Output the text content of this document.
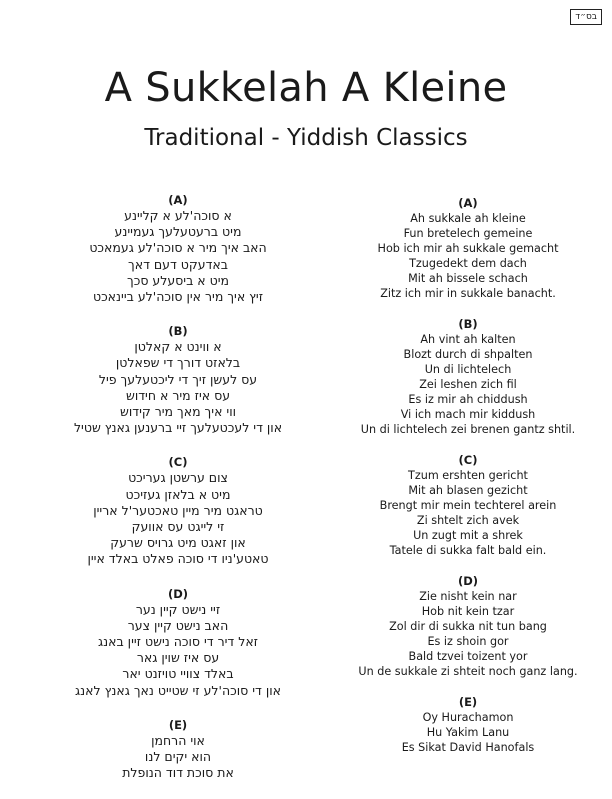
בס״ד
A Sukkelah A Kleine
Traditional - Yiddish Classics
(A)
א סוכה'לע א קליינע
מיט ברעטעלעך געמיינע
האב איך מיר א סוכה'לע געמאכט
באדעקט דעם דאך
מיט א ביסעלע סכך
זיץ איך מיר אין סוכה'לע ביינאכט
(B)
א ווינט א קאלטן
בלאזט דורך די שפאלטן
עס לעשן זיך די ליכטעלעך פיל
עס איז מיר א חידוש
ווי איך מאך מיר קידוש
און די לעכטעלעך זיי ברענען גאנץ שטיל
(C)
צום ערשטן געריכט
מיט א בלאזן געזיכט
טראגט מיר מיין טאכטער'ל אריין
זי לייגט עס אוועק
און זאגט מיט גרויס שרעק
טאטע'ניו די סוכה פאלט באלד איין
(D)
זיי נישט קיין נער
האב נישט קיין צער
זאל דיר די סוכה נישט זיין באנג
עס איז שוין גאר
באלד צוויי טויזנט יאר
און די סוכה'לע זי שטייט נאך גאנץ לאנג
(E)
אוי הרחמן
הוא יקים לנו
את סוכת דוד הנופלת
(A)
Ah sukkale ah kleine
Fun bretelech gemeine
Hob ich mir ah sukkale gemacht
Tzugedekt dem dach
Mit ah bissele schach
Zitz ich mir in sukkale banacht.
(B)
Ah vint ah kalten
Blozt durch di shpalten
Un di lichtelech
Zei leshen zich fil
Es iz mir ah chiddush
Vi ich mach mir kiddush
Un di lichtelech zei brenen gantz shtil.
(C)
Tzum ershten gericht
Mit ah blasen gezicht
Brengt mir mein techterel arein
Zi shtelt zich avek
Un zugt mit a shrek
Tatele di sukka falt bald ein.
(D)
Zie nisht kein nar
Hob nit kein tzar
Zol dir di sukka nit tun bang
Es iz shoin gor
Bald tzvei toizent yor
Un de sukkale zi shteit noch ganz lang.
(E)
Oy Hurachamon
Hu Yakim Lanu
Es Sikat David Hanofals
